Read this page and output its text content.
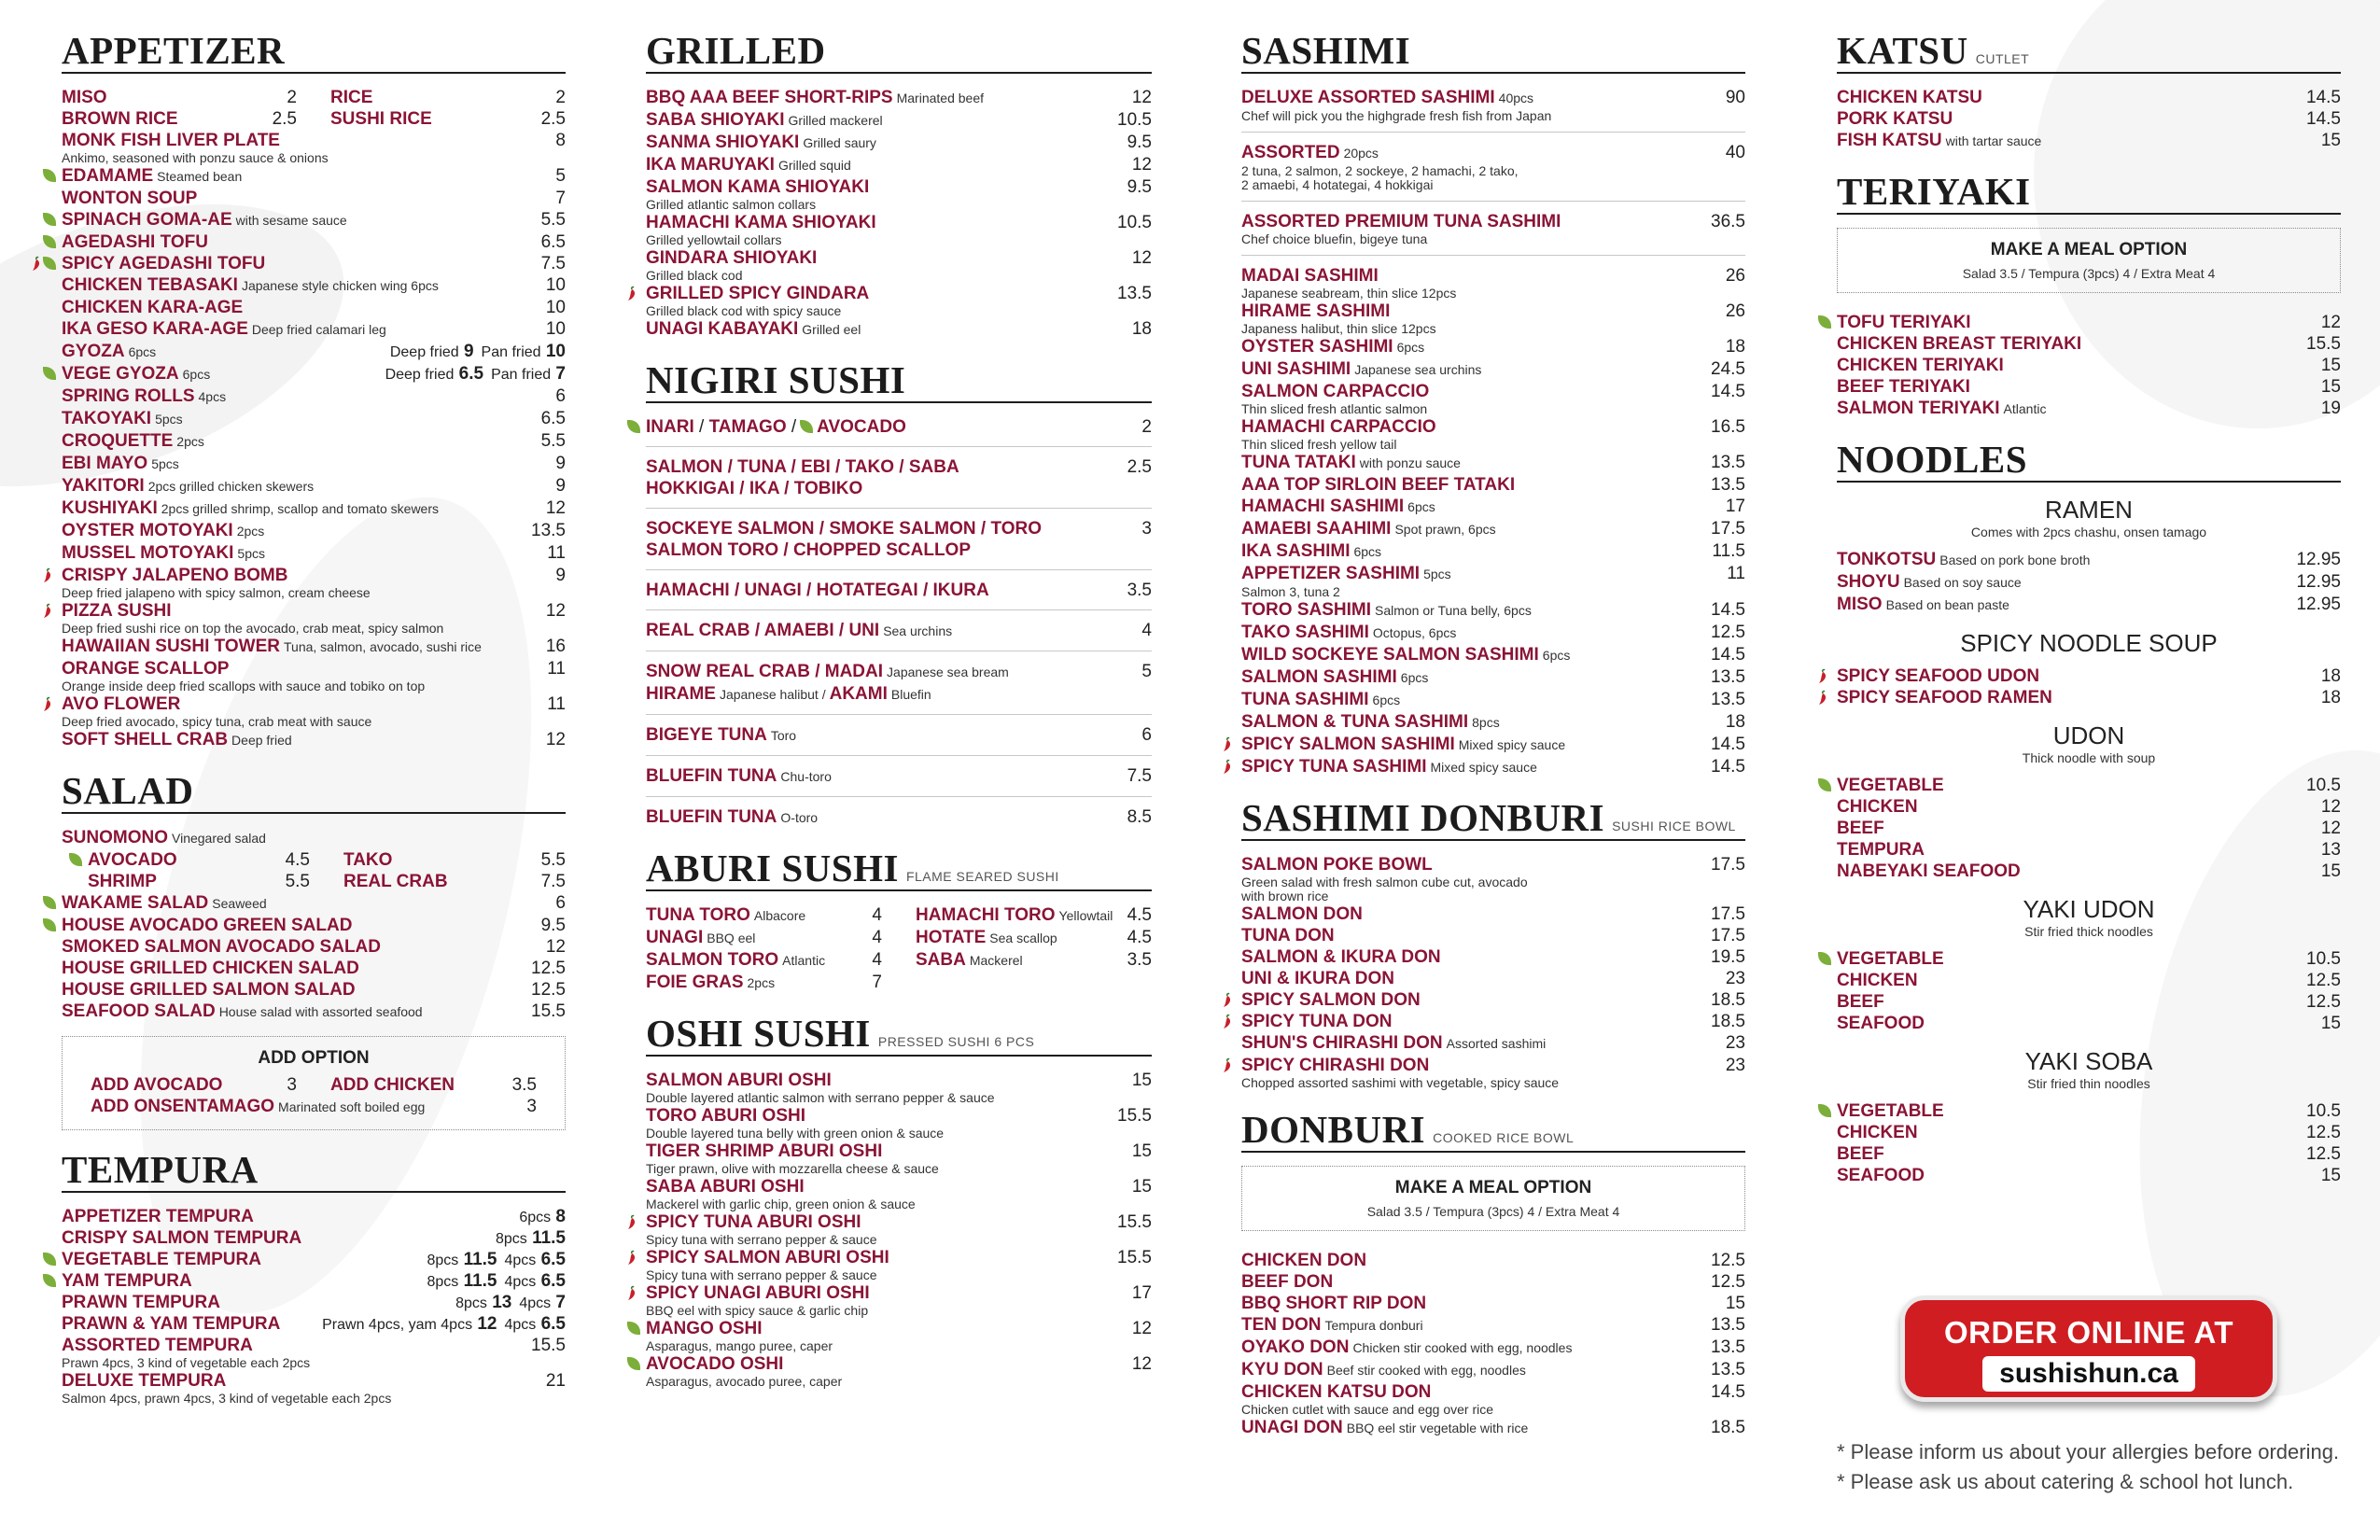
APPETIZER
MISO	2 RICE	2
BROWN RICE	2.5 SUSHI RICE	2.5
MONK FISH LIVER PLATE	8
Ankimo, seasoned with ponzu sauce & onions
EDAMAME Steamed bean	5
WONTON SOUP	7
SPINACH GOMA-AE with sesame sauce	5.5
AGEDASHI TOFU	6.5
SPICY AGEDASHI TOFU	7.5
CHICKEN TEBASAKI Japanese style chicken wing 6pcs	10
CHICKEN KARA-AGE	10
IKA GESO KARA-AGE Deep fried calamari leg	10
GYOZA 6pcs	Deep fried 9 Pan fried 10
VEGE GYOZA 6pcs	Deep fried 6.5 Pan fried 7
SPRING ROLLS 4pcs	6
TAKOYAKI 5pcs	6.5
CROQUETTE 2pcs	5.5
EBI MAYO 5pcs	9
YAKITORI 2pcs grilled chicken skewers	9
KUSHIYAKI 2pcs grilled shrimp, scallop and tomato skewers	12
OYSTER MOTOYAKI 2pcs	13.5
MUSSEL MOTOYAKI 5pcs	11
CRISPY JALAPENO BOMB	9
Deep fried jalapeno with spicy salmon, cream cheese
PIZZA SUSHI	12
Deep fried sushi rice on top the avocado, crab meat, spicy salmon
HAWAIIAN SUSHI TOWER Tuna, salmon, avocado, sushi rice	16
ORANGE SCALLOP	11
Orange inside deep fried scallops with sauce and tobiko on top
AVO FLOWER	11
Deep fried avocado, spicy tuna, crab meat with sauce
SOFT SHELL CRAB Deep fried	12
SALAD
SUNOMONO Vinegared salad
AVOCADO	4.5
SHRIMP	5.5
TAKO	5.5
REAL CRAB	7.5
WAKAME SALAD Seaweed	6
HOUSE AVOCADO GREEN SALAD	9.5
SMOKED SALMON AVOCADO SALAD	12
HOUSE GRILLED CHICKEN SALAD	12.5
HOUSE GRILLED SALMON SALAD	12.5
SEAFOOD SALAD House salad with assorted seafood	15.5
ADD OPTION
ADD AVOCADO	3 ADD CHICKEN	3.5
ADD ONSENTAMAGO Marinated soft boiled egg	3
TEMPURA
APPETIZER TEMPURA	6pcs 8
CRISPY SALMON TEMPURA	8pcs 11.5
VEGETABLE TEMPURA	8pcs 11.5 4pcs 6.5
YAM TEMPURA	8pcs 11.5 4pcs 6.5
PRAWN TEMPURA	8pcs 13 4pcs 7
PRAWN & YAM TEMPURA	Prawn 4pcs, yam 4pcs 12 4pcs 6.5
ASSORTED TEMPURA	15.5
Prawn 4pcs, 3 kind of vegetable each 2pcs
DELUXE TEMPURA	21
Salmon 4pcs, prawn 4pcs, 3 kind of vegetable each 2pcs
GRILLED
BBQ AAA BEEF SHORT-RIPS Marinated beef	12
SABA SHIOYAKI Grilled mackerel	10.5
SANMA SHIOYAKI Grilled saury	9.5
IKA MARUYAKI Grilled squid	12
SALMON KAMA SHIOYAKI	9.5
Grilled atlantic salmon collars
HAMACHI KAMA SHIOYAKI	10.5
Grilled yellowtail collars
GINDARA SHIOYAKI	12
Grilled black cod
GRILLED SPICY GINDARA	13.5
Grilled black cod with spicy sauce
UNAGI KABAYAKI Grilled eel	18
NIGIRI SUSHI
INARI / TAMAGO / AVOCADO	2
SALMON / TUNA / EBI / TAKO / SABA	2.5
HOKKIGAI / IKA / TOBIKO
SOCKEYE SALMON / SMOKE SALMON / TORO	3
SALMON TORO / CHOPPED SCALLOP
HAMACHI / UNAGI / HOTATEGAI / IKURA	3.5
REAL CRAB / AMAEBI / UNI Sea urchins	4
SNOW REAL CRAB / MADAI Japanese sea bream	5
HIRAME Japanese halibut / AKAMI Bluefin
BIGEYE TUNA Toro	6
BLUEFIN TUNA Chu-toro	7.5
BLUEFIN TUNA O-toro	8.5
ABURI SUSHI FLAME SEARED SUSHI
TUNA TORO Albacore	4
UNAGI BBQ eel	4
SALMON TORO Atlantic	4
FOIE GRAS 2pcs	7
HAMACHI TORO Yellowtail 4.5
HOTATE Sea scallop	4.5
SABA Mackerel	3.5
OSHI SUSHI PRESSED SUSHI 6 PCS
SALMON ABURI OSHI	15
Double layered atlantic salmon with serrano pepper & sauce
TORO ABURI OSHI	15.5
Double layered tuna belly with green onion & sauce
TIGER SHRIMP ABURI OSHI	15
Tiger prawn, olive with mozzarella cheese & sauce
SABA ABURI OSHI	15
Mackerel with garlic chip, green onion & sauce
SPICY TUNA ABURI OSHI	15.5
Spicy tuna with serrano pepper & sauce
SPICY SALMON ABURI OSHI	15.5
Spicy tuna with serrano pepper & sauce
SPICY UNAGI ABURI OSHI	17
BBQ eel with spicy sauce & garlic chip
MANGO OSHI	12
Asparagus, mango puree, caper
AVOCADO OSHI	12
Asparagus, avocado puree, caper
SASHIMI
DELUXE ASSORTED SASHIMI 40pcs	90
Chef will pick you the highgrade fresh fish from Japan
ASSORTED 20pcs	40
2 tuna, 2 salmon, 2 sockeye, 2 hamachi, 2 tako,
2 amaebi, 4 hotategai, 4 hokkigai
ASSORTED PREMIUM TUNA SASHIMI	36.5
Chef choice bluefin, bigeye tuna
MADAI SASHIMI	26
Japanese seabream, thin slice 12pcs
HIRAME SASHIMI	26
Japaness halibut, thin slice 12pcs
OYSTER SASHIMI 6pcs	18
UNI SASHIMI Japanese sea urchins	24.5
SALMON CARPACCIO	14.5
Thin sliced fresh atlantic salmon
HAMACHI CARPACCIO	16.5
Thin sliced fresh yellow tail
TUNA TATAKI with ponzu sauce	13.5
AAA TOP SIRLOIN BEEF TATAKI	13.5
HAMACHI SASHIMI 6pcs	17
AMAEBI SAAHIMI Spot prawn, 6pcs	17.5
IKA SASHIMI 6pcs	11.5
APPETIZER SASHIMI 5pcs	11
Salmon 3, tuna 2
TORO SASHIMI Salmon or Tuna belly, 6pcs	14.5
TAKO SASHIMI Octopus, 6pcs	12.5
WILD SOCKEYE SALMON SASHIMI 6pcs	14.5
SALMON SASHIMI 6pcs	13.5
TUNA SASHIMI 6pcs	13.5
SALMON & TUNA SASHIMI 8pcs	18
SPICY SALMON SASHIMI Mixed spicy sauce	14.5
SPICY TUNA SASHIMI Mixed spicy sauce	14.5
SASHIMI DONBURI SUSHI RICE BOWL
SALMON POKE BOWL	17.5
Green salad with fresh salmon cube cut, avocado
with brown rice
SALMON DON	17.5
TUNA DON	17.5
SALMON & IKURA DON	19.5
UNI & IKURA DON	23
SPICY SALMON DON	18.5
SPICY TUNA DON	18.5
SHUN'S CHIRASHI DON Assorted sashimi	23
SPICY CHIRASHI DON	23
Chopped assorted sashimi with vegetable, spicy sauce
DONBURI COOKED RICE BOWL
MAKE A MEAL OPTION
Salad 3.5 / Tempura (3pcs) 4 / Extra Meat 4
CHICKEN DON	12.5
BEEF DON	12.5
BBQ SHORT RIP DON	15
TEN DON Tempura donburi	13.5
OYAKO DON Chicken stir cooked with egg, noodles	13.5
KYU DON Beef stir cooked with egg, noodles	13.5
CHICKEN KATSU DON	14.5
Chicken cutlet with sauce and egg over rice
UNAGI DON BBQ eel stir vegetable with rice	18.5
KATSU CUTLET
CHICKEN KATSU	14.5
PORK KATSU	14.5
FISH KATSU with tartar sauce	15
TERIYAKI
MAKE A MEAL OPTION
Salad 3.5 / Tempura (3pcs) 4 / Extra Meat 4
TOFU TERIYAKI	12
CHICKEN BREAST TERIYAKI	15.5
CHICKEN TERIYAKI	15
BEEF TERIYAKI	15
SALMON TERIYAKI Atlantic	19
NOODLES
RAMEN
Comes with 2pcs chashu, onsen tamago
TONKOTSU Based on pork bone broth	12.95
SHOYU Based on soy sauce	12.95
MISO Based on bean paste	12.95
SPICY NOODLE SOUP
SPICY SEAFOOD UDON	18
SPICY SEAFOOD RAMEN	18
UDON
Thick noodle with soup
VEGETABLE	10.5
CHICKEN	12
BEEF	12
TEMPURA	13
NABEYAKI SEAFOOD	15
YAKI UDON
Stir fried thick noodles
VEGETABLE	10.5
CHICKEN	12.5
BEEF	12.5
SEAFOOD	15
YAKI SOBA
Stir fried thin noodles
VEGETABLE	10.5
CHICKEN	12.5
BEEF	12.5
SEAFOOD	15
ORDER ONLINE AT
sushishun.ca
* Please inform us about your allergies before ordering.
* Please ask us about catering & school hot lunch.
